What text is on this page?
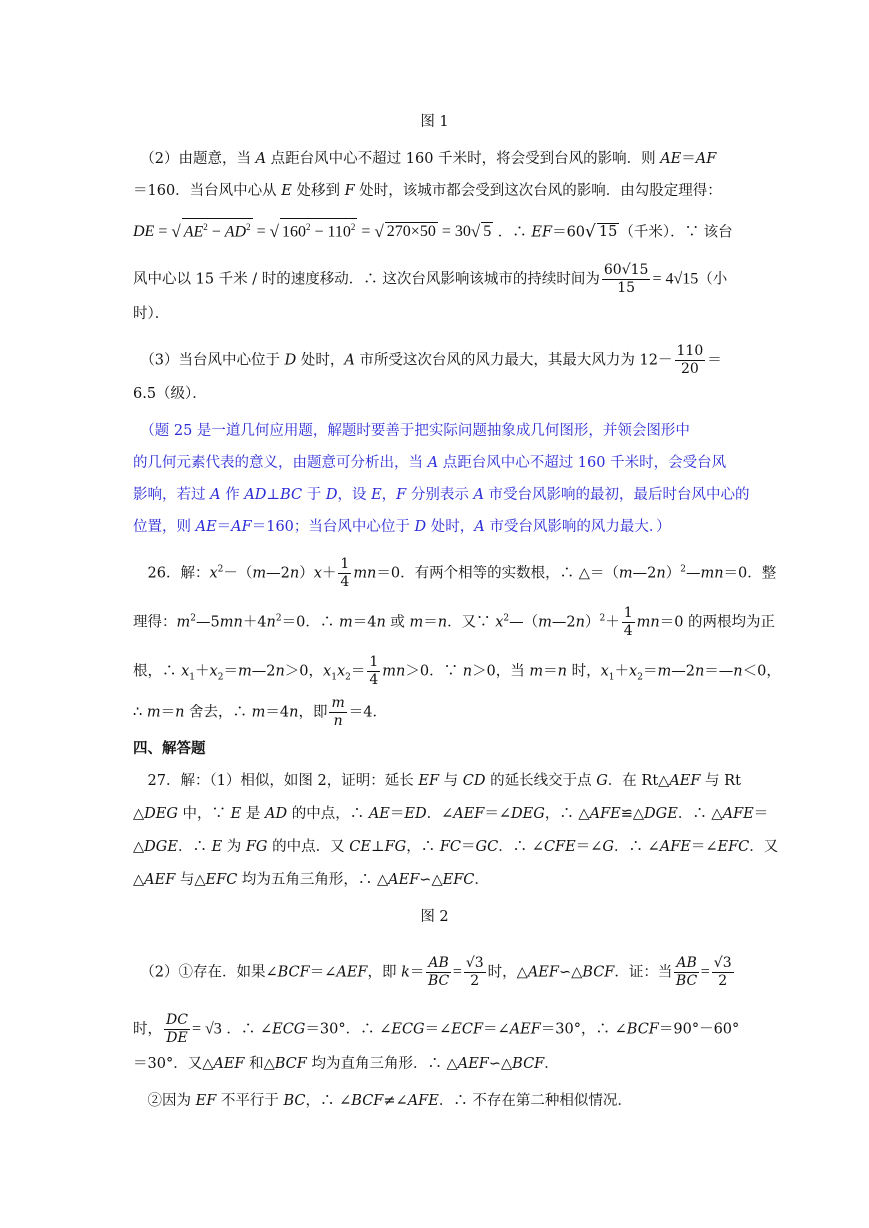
图 1
　（2）由题意，当 A 点距台风中心不超过 160 千米时，将会受到台风的影响．则 AE＝AF
＝160．当台风中心从 E 处移到 F 处时，该城市都会受到这次台风的影响．由勾股定理得：
DE = √ $AE^2 - AD^2$ = √ $160^2 - 110^2$ = √ 270×50 = 30√ 5 ．∴ EF＝60√ 15 （千米）．∵ 该台
风中心以 15 千米 / 时的速度移动．∴ 这次台风影响该城市的持续时间为 $\frac{60√15}{15} = 4√15$（小
时）．
　（3）当台风中心位于 D 处时，A 市所受这次台风的风力最大，其最大风力为 $12- \frac{110}{20}$ ＝
6.5（级）．
　（题 25 是一道几何应用题，解题时要善于把实际问题抽象成几何图形，并领会图形中
的几何元素代表的意义，由题意可分析出，当 A 点距台风中心不超过 160 千米时，会受台风
影响，若过 A 作 AD⊥BC 于 D，设 E，F 分别表示 A 市受台风影响的最初，最后时台风中心的
位置，则 AE＝AF＝160；当台风中心位于 D 处时，A 市受台风影响的风力最大．）
　26．解：$x^2-(m—2n)x+ \frac{1}{4} mn=0$．有两个相等的实数根，∴ △＝（m—2n）$^2$—mn＝0．整
理得：$m^2—5mn+4n^2=0$．∴ m＝4n 或 m＝n．又∵ $x^2—(m—2n)^2+ \frac{1}{4} mn=0$ 的两根均为正
根，∴ $x_1+x_2=m—2n>0$，$x_1x_2= \frac{1}{4} mn>0$．∵ n＞0，当 m＝n 时，$x_1+x_2=m—2n=—n<0$，
∴ m＝n 舍去，∴ m＝4n，即 $\frac{m}{n} =4$．
四、解答题
　27．解：（1）相似，如图 2，证明：延长 EF 与 CD 的延长线交于点 G．在 Rt△AEF 与 Rt
△DEG 中，∵ E 是 AD 的中点，∴ AE＝ED．∠AEF＝∠DEG，∴ △AFE≌△DGE．∴ △AFE＝
△DGE．∴ E 为 FG 的中点．又 CE⊥FG，∴ FC＝GC．∴ ∠CFE＝∠G．∴ ∠AFE＝∠EFC．又
△AEF 与△EFC 均为五角三角形，∴ △AEF∽△EFC．
图 2
　（2）①存在．如果∠BCF＝∠AEF，即 $k= \frac{AB}{BC} = \frac{√3}{2}$ 时，△AEF∽△BCF．证：当 $\frac{AB}{BC} = \frac{√3}{2}$
时， $\frac{DC}{DE} = √3$ ．∴ ∠ECG＝30°．∴ ∠ECG＝∠ECF＝∠AEF＝30°，∴ ∠BCF＝90°－60°
＝30°．又△AEF 和△BCF 均为直角三角形．∴ △AEF∽△BCF．
　②因为 EF 不平行于 BC，∴ ∠BCF≠∠AFE．∴ 不存在第二种相似情况．
